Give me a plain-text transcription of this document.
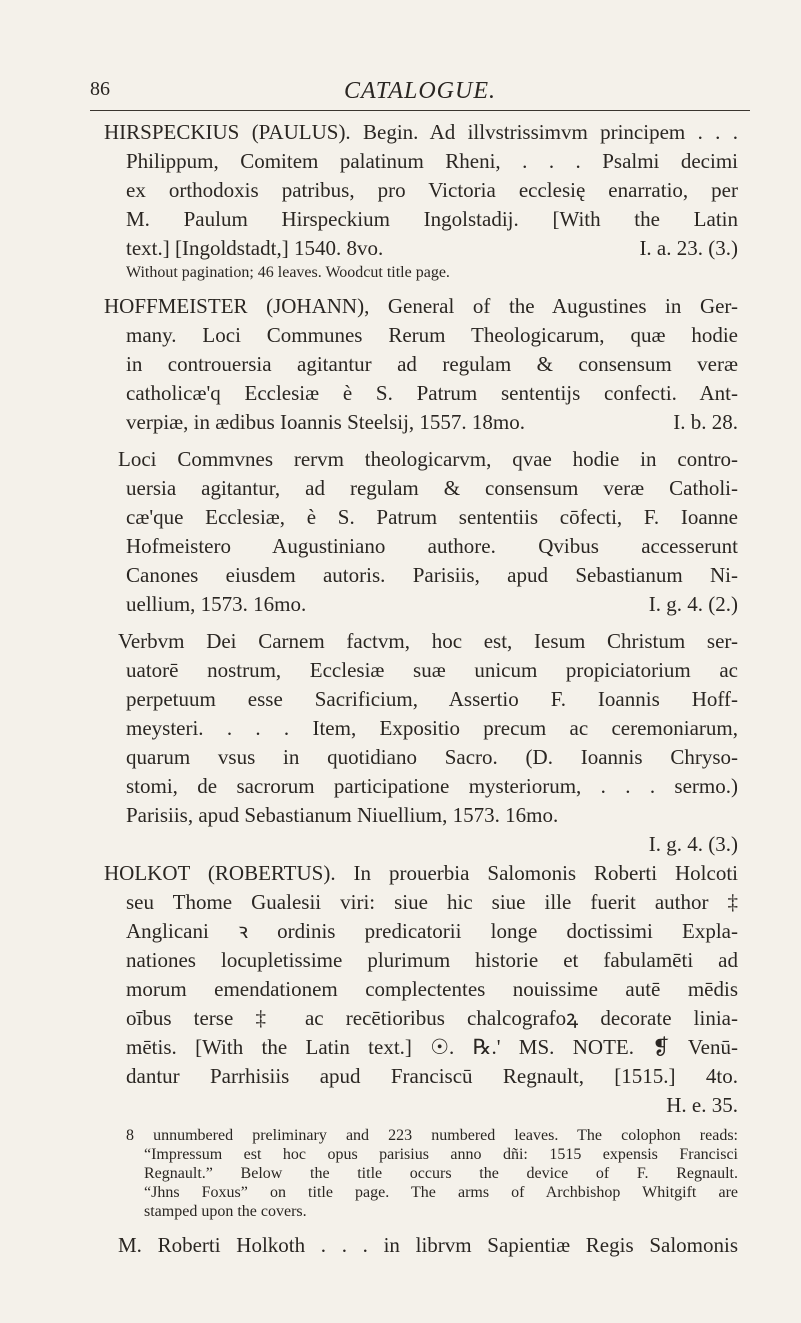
86	CATALOGUE.
HIRSPECKIUS (PAULUS). Begin. Ad illvstrissimvm principem . . .
Philippum, Comitem palatinum Rheni, . . . Psalmi decimi
ex orthodoxis patribus, pro Victoria ecclesię enarratio, per
M. Paulum Hirspeckium Ingolstadij. [With the Latin
text.] [Ingoldstadt,] 1540. 8vo.	I. a. 23. (3.)
Without pagination; 46 leaves. Woodcut title page.
HOFFMEISTER (JOHANN), General of the Augustines in Ger-
many. Loci Communes Rerum Theologicarum, quæ hodie
in controuersia agitantur ad regulam & consensum veræ
catholicæ'q Ecclesiæ è S. Patrum sententijs confecti. Ant-
verpiæ, in ædibus Ioannis Steelsij, 1557. 18mo.	I. b. 28.
Loci Commvnes rervm theologicarvm, qvae hodie in contro-
uersia agitantur, ad regulam & consensum veræ Catholi-
cæ'que Ecclesiæ, è S. Patrum sententiis cōfecti, F. Ioanne
Hofmeistero Augustiniano authore. Qvibus accesserunt
Canones eiusdem autoris. Parisiis, apud Sebastianum Ni-
uellium, 1573. 16mo.	I. g. 4. (2.)
Verbvm Dei Carnem factvm, hoc est, Iesum Christum ser-
uatorē nostrum, Ecclesiæ suæ unicum propiciatorium ac
perpetuum esse Sacrificium, Assertio F. Ioannis Hoff-
meysteri. . . . Item, Expositio precum ac ceremoniarum,
quarum vsus in quotidiano Sacro. (D. Ioannis Chryso-
stomi, de sacrorum participatione mysteriorum, . . . sermo.)
Parisiis, apud Sebastianum Niuellium, 1573. 16mo.
I. g. 4. (3.)
HOLKOT (ROBERTUS). In prouerbia Salomonis Roberti Holcoti
seu Thome Gualesii viri: siue hic siue ille fuerit author ‡
Anglicani ꝛ ordinis predicatorii longe doctissimi Expla-
nationes locupletissime plurimum historie et fabulamēti ad
morum emendationem complectentes nouissime autē mēdis
oībus terse ‡ ac recētioribus chalcografoꝝ decorate linia-
mētis. [With the Latin text.] ☉. ℞.' MS. NOTE. ❡ Venū-
dantur Parrhisiis apud Franciscū Regnault, [1515.] 4to.
H. e. 35.
8 unnumbered preliminary and 223 numbered leaves. The colophon reads:
“Impressum est hoc opus parisius anno dñi: 1515 expensis Francisci
Regnault.” Below the title occurs the device of F. Regnault.
“Jhns Foxus” on title page. The arms of Archbishop Whitgift are
stamped upon the covers.
M. Roberti Holkoth . . . in librvm Sapientiæ Regis Salomonis
